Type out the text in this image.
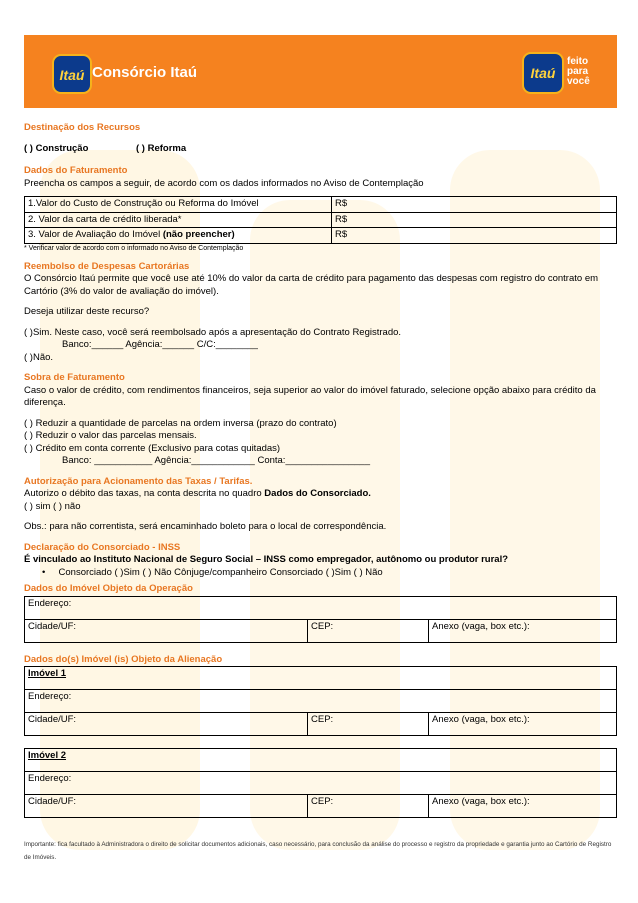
Itaú Consórcio Itaú	Itaú
feito
para
você
Destinação dos Recursos
( ) Construção	( ) Reforma
Dados do Faturamento

Preencha os campos a seguir, de acordo com os dados informados no Aviso de Contemplação

1.Valor do Custo de Construção ou Reforma do Imóvel	R$
2. Valor da carta de crédito liberada*	R$
3. Valor de Avaliação do Imóvel (não preencher)	R$

* Verificar valor de acordo com o informado no Aviso de Contemplação

Reembolso de Despesas Cartorárias

O Consórcio Itaú permite que você use até 10% do valor da carta de crédito para pagamento das despesas com registro do contrato em Cartório (3% do valor de avaliação do imóvel).

Deseja utilizar deste recurso?

( )Sim. Neste caso, você será reembolsado após a apresentação do Contrato Registrado.

Banco:______ Agência:______ C/C:________

( )Não.

Sobra de Faturamento

Caso o valor de crédito, com rendimentos financeiros, seja superior ao valor do imóvel faturado, selecione opção abaixo para crédito da diferença.

( ) Reduzir a quantidade de parcelas na ordem inversa (prazo do contrato)

( ) Reduzir o valor das parcelas mensais.

( ) Crédito em conta corrente (Exclusivo para cotas quitadas)

Banco: ___________ Agência:____________ Conta:________________

Autorização para Acionamento das Taxas / Tarifas.

Autorizo o débito das taxas, na conta descrita no quadro Dados do Consorciado.

( ) sim ( ) não

Obs.: para não correntista, será encaminhado boleto para o local de correspondência.

Declaração do Consorciado - INSS

É vinculado ao Instituto Nacional de Seguro Social – INSS como empregador, autônomo ou produtor rural?

•     Consorciado ( )Sim ( ) Não Cônjuge/companheiro Consorciado ( )Sim ( ) Não

Dados do Imóvel Objeto da Operação
Endereço:
Cidade/UF:	CEP:	Anexo (vaga, box etc.):
Dados do(s) Imóvel (is) Objeto da Alienação
Imóvel 1
Endereço:
Cidade/UF:	CEP:	Anexo (vaga, box etc.):
Imóvel 2
Endereço:
Cidade/UF:	CEP:	Anexo (vaga, box etc.):
Importante: fica facultado à Administradora o direito de solicitar documentos adicionais, caso necessário, para conclusão da análise do processo e registro da propriedade e garantia junto ao Cartório de Registro de Imóveis.
